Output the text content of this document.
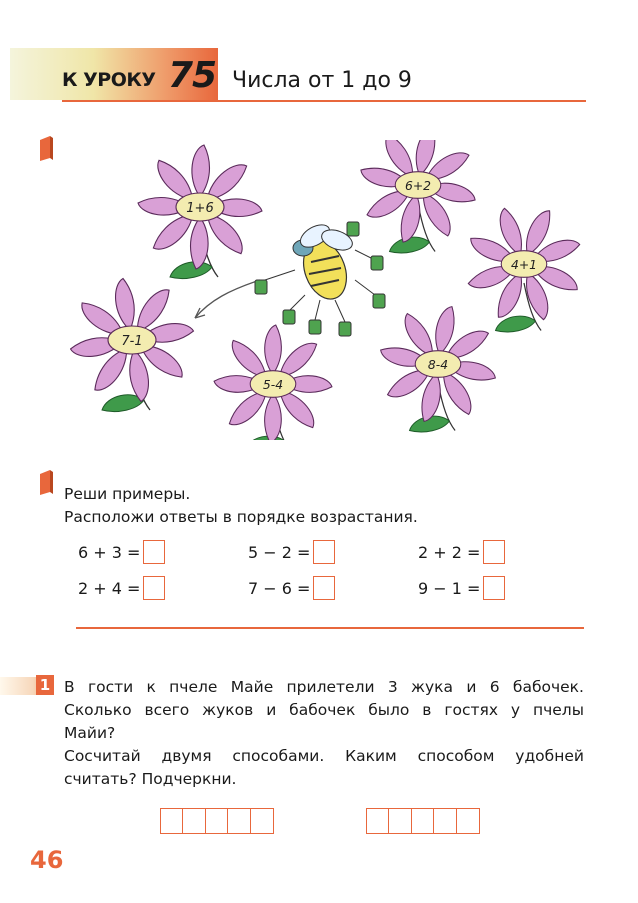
К УРОКУ 75 Числа от 1 до 9
1+6
6+2
4+1
7-1
5-4
8-4
Реши примеры.
Расположи ответы в порядке возрастания.
6 + 3 =	5 − 2 =	2 + 2 =
2 + 4 =	7 − 6 =	9 − 1 =
1 В гости к пчеле Майе прилетели 3 жука и 6 бабочек.
Сколько всего жуков и бабочек было в гостях у пчелы
Майи?
Сосчитай двумя способами. Каким способом удобней
считать? Подчеркни.
46
